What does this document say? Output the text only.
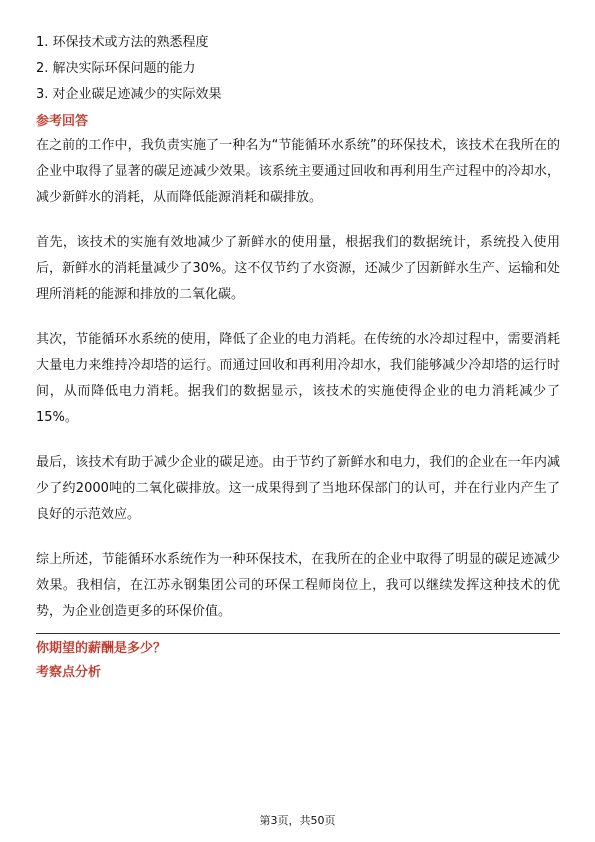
1. 环保技术或方法的熟悉程度
2. 解决实际环保问题的能力
3. 对企业碳足迹减少的实际效果
参考回答
在之前的工作中，我负责实施了一种名为“节能循环水系统”的环保技术，该技术在我所在的企业中取得了显著的碳足迹减少效果。该系统主要通过回收和再利用生产过程中的冷却水，减少新鲜水的消耗，从而降低能源消耗和碳排放。
首先，该技术的实施有效地减少了新鲜水的使用量，根据我们的数据统计，系统投入使用后，新鲜水的消耗量减少了30%。这不仅节约了水资源，还减少了因新鲜水生产、运输和处理所消耗的能源和排放的二氧化碳。
其次，节能循环水系统的使用，降低了企业的电力消耗。在传统的水冷却过程中，需要消耗大量电力来维持冷却塔的运行。而通过回收和再利用冷却水，我们能够减少冷却塔的运行时间，从而降低电力消耗。据我们的数据显示，该技术的实施使得企业的电力消耗减少了15%。
最后，该技术有助于减少企业的碳足迹。由于节约了新鲜水和电力，我们的企业在一年内减少了约2000吨的二氧化碳排放。这一成果得到了当地环保部门的认可，并在行业内产生了良好的示范效应。
综上所述，节能循环水系统作为一种环保技术，在我所在的企业中取得了明显的碳足迹减少效果。我相信，在江苏永钢集团公司的环保工程师岗位上，我可以继续发挥这种技术的优势，为企业创造更多的环保价值。
你期望的薪酬是多少？
考察点分析
第3页，共50页
